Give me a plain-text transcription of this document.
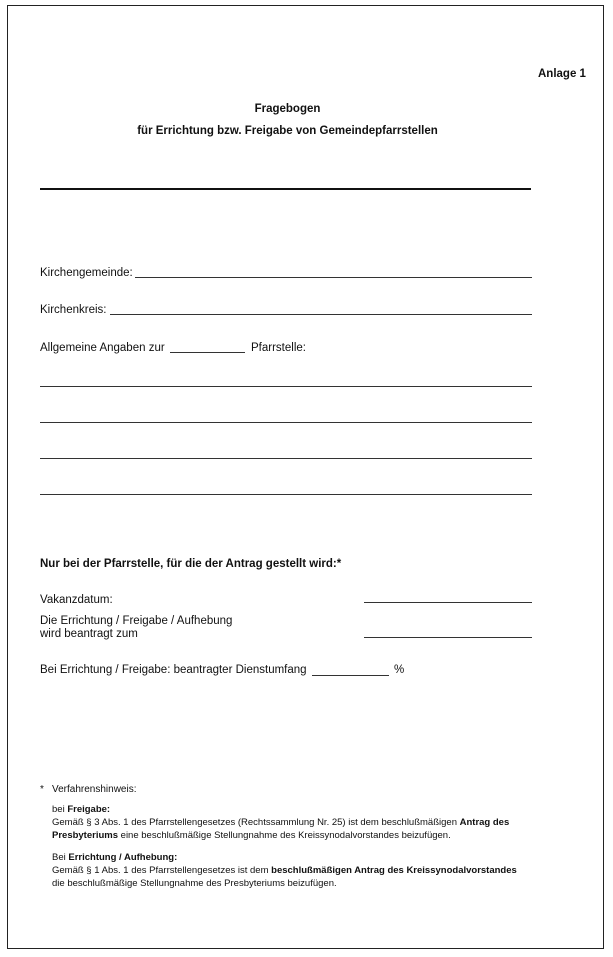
Anlage 1
Fragebogen
für Errichtung bzw. Freigabe von Gemeindepfarrstellen
Kirchengemeinde:
Kirchenkreis:
Allgemeine Angaben zur	Pfarrstelle:
Nur bei der Pfarrstelle, für die der Antrag gestellt wird:*
Vakanzdatum:
Die Errichtung / Freigabe / Aufhebung
wird beantragt zum
Bei Errichtung / Freigabe: beantragter Dienstumfang	%
* Verfahrenshinweis:
bei Freigabe:
Gemäß § 3 Abs. 1 des Pfarrstellengesetzes (Rechtssammlung Nr. 25) ist dem beschlußmäßigen Antrag des
Presbyteriums eine beschlußmäßige Stellungnahme des Kreissynodalvorstandes beizufügen.
Bei Errichtung / Aufhebung:
Gemäß § 1 Abs. 1 des Pfarrstellengesetzes ist dem beschlußmäßigen Antrag des Kreissynodalvorstandes
die beschlußmäßige Stellungnahme des Presbyteriums beizufügen.
